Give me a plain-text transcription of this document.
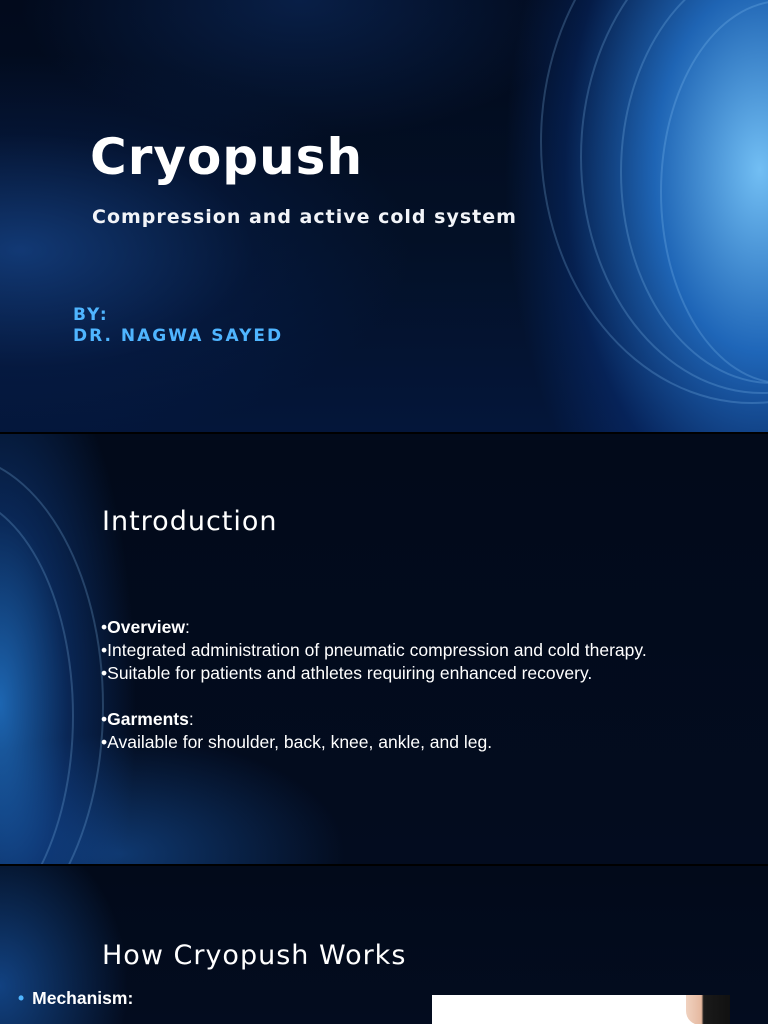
Cryopush
Compression and active cold system
BY:
DR. NAGWA SAYED
Introduction
•Overview:
•Integrated administration of pneumatic compression and cold therapy.
•Suitable for patients and athletes requiring enhanced recovery.
•Garments:
•Available for shoulder, back, knee, ankle, and leg.
How Cryopush Works
• Mechanism:
